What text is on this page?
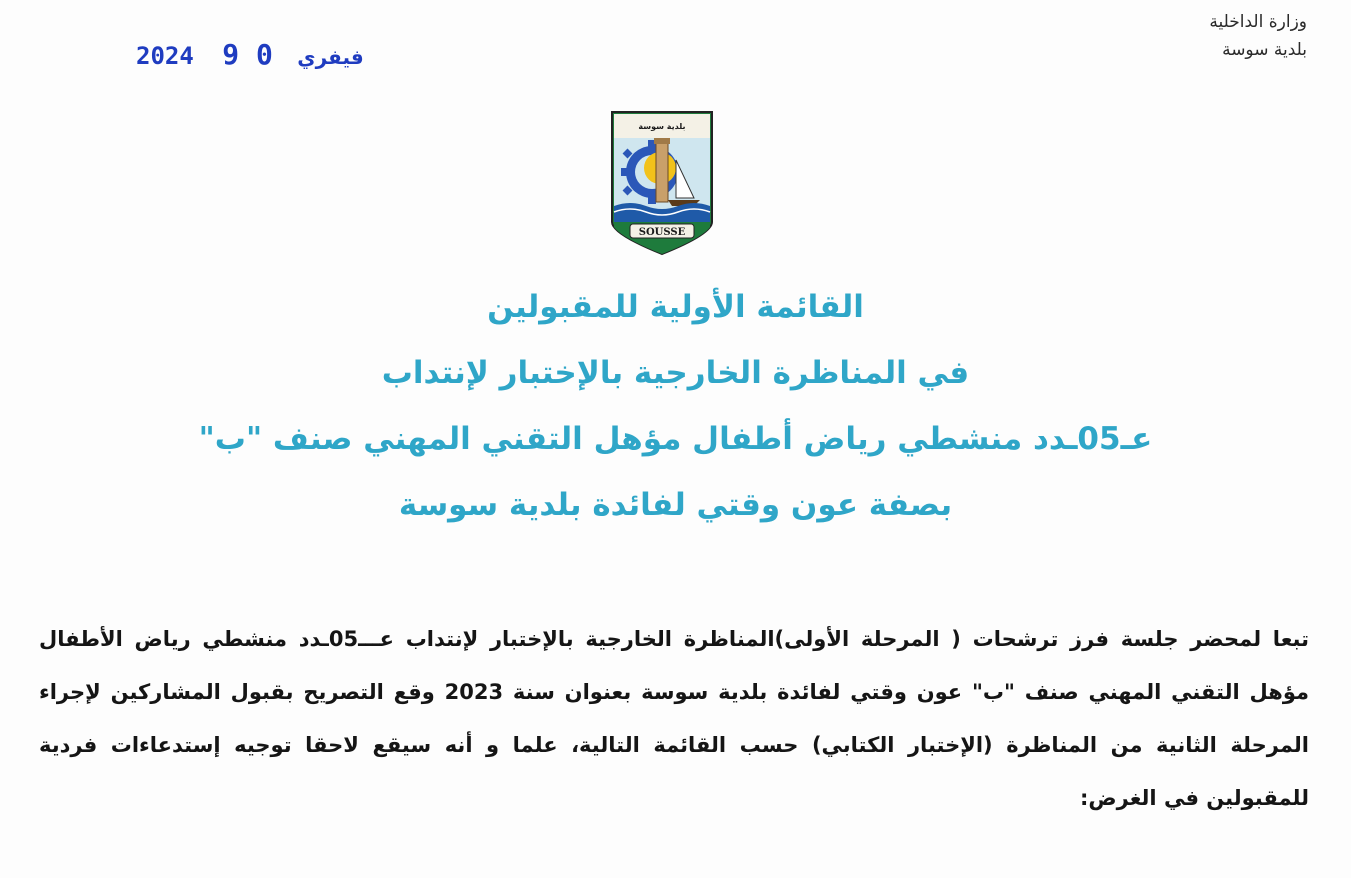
وزارة الداخلية
بلدية سوسة
2024	فيفري 0 9
بلدية سوسة
SOUSSE
القائمة الأولية للمقبولين
في المناظرة الخارجية بالإختبار لإنتداب
عـ05ـدد منشطي رياض أطفال مؤهل التقني المهني صنف "ب"
بصفة عون وقتي لفائدة بلدية سوسة
تبعا لمحضر جلسة فرز ترشحات ( المرحلة الأولى)المناظرة الخارجية بالإختبار لإنتداب عـــ05ـدد منشطي رياض الأطفال مؤهل التقني المهني صنف "ب" عون وقتي لفائدة بلدية سوسة بعنوان سنة 2023 وقع التصريح بقبول المشاركين لإجراء المرحلة الثانية من المناظرة (الإختبار الكتابي) حسب القائمة التالية، علما و أنه سيقع لاحقا توجيه إستدعاءات فردية للمقبولين في الغرض:
